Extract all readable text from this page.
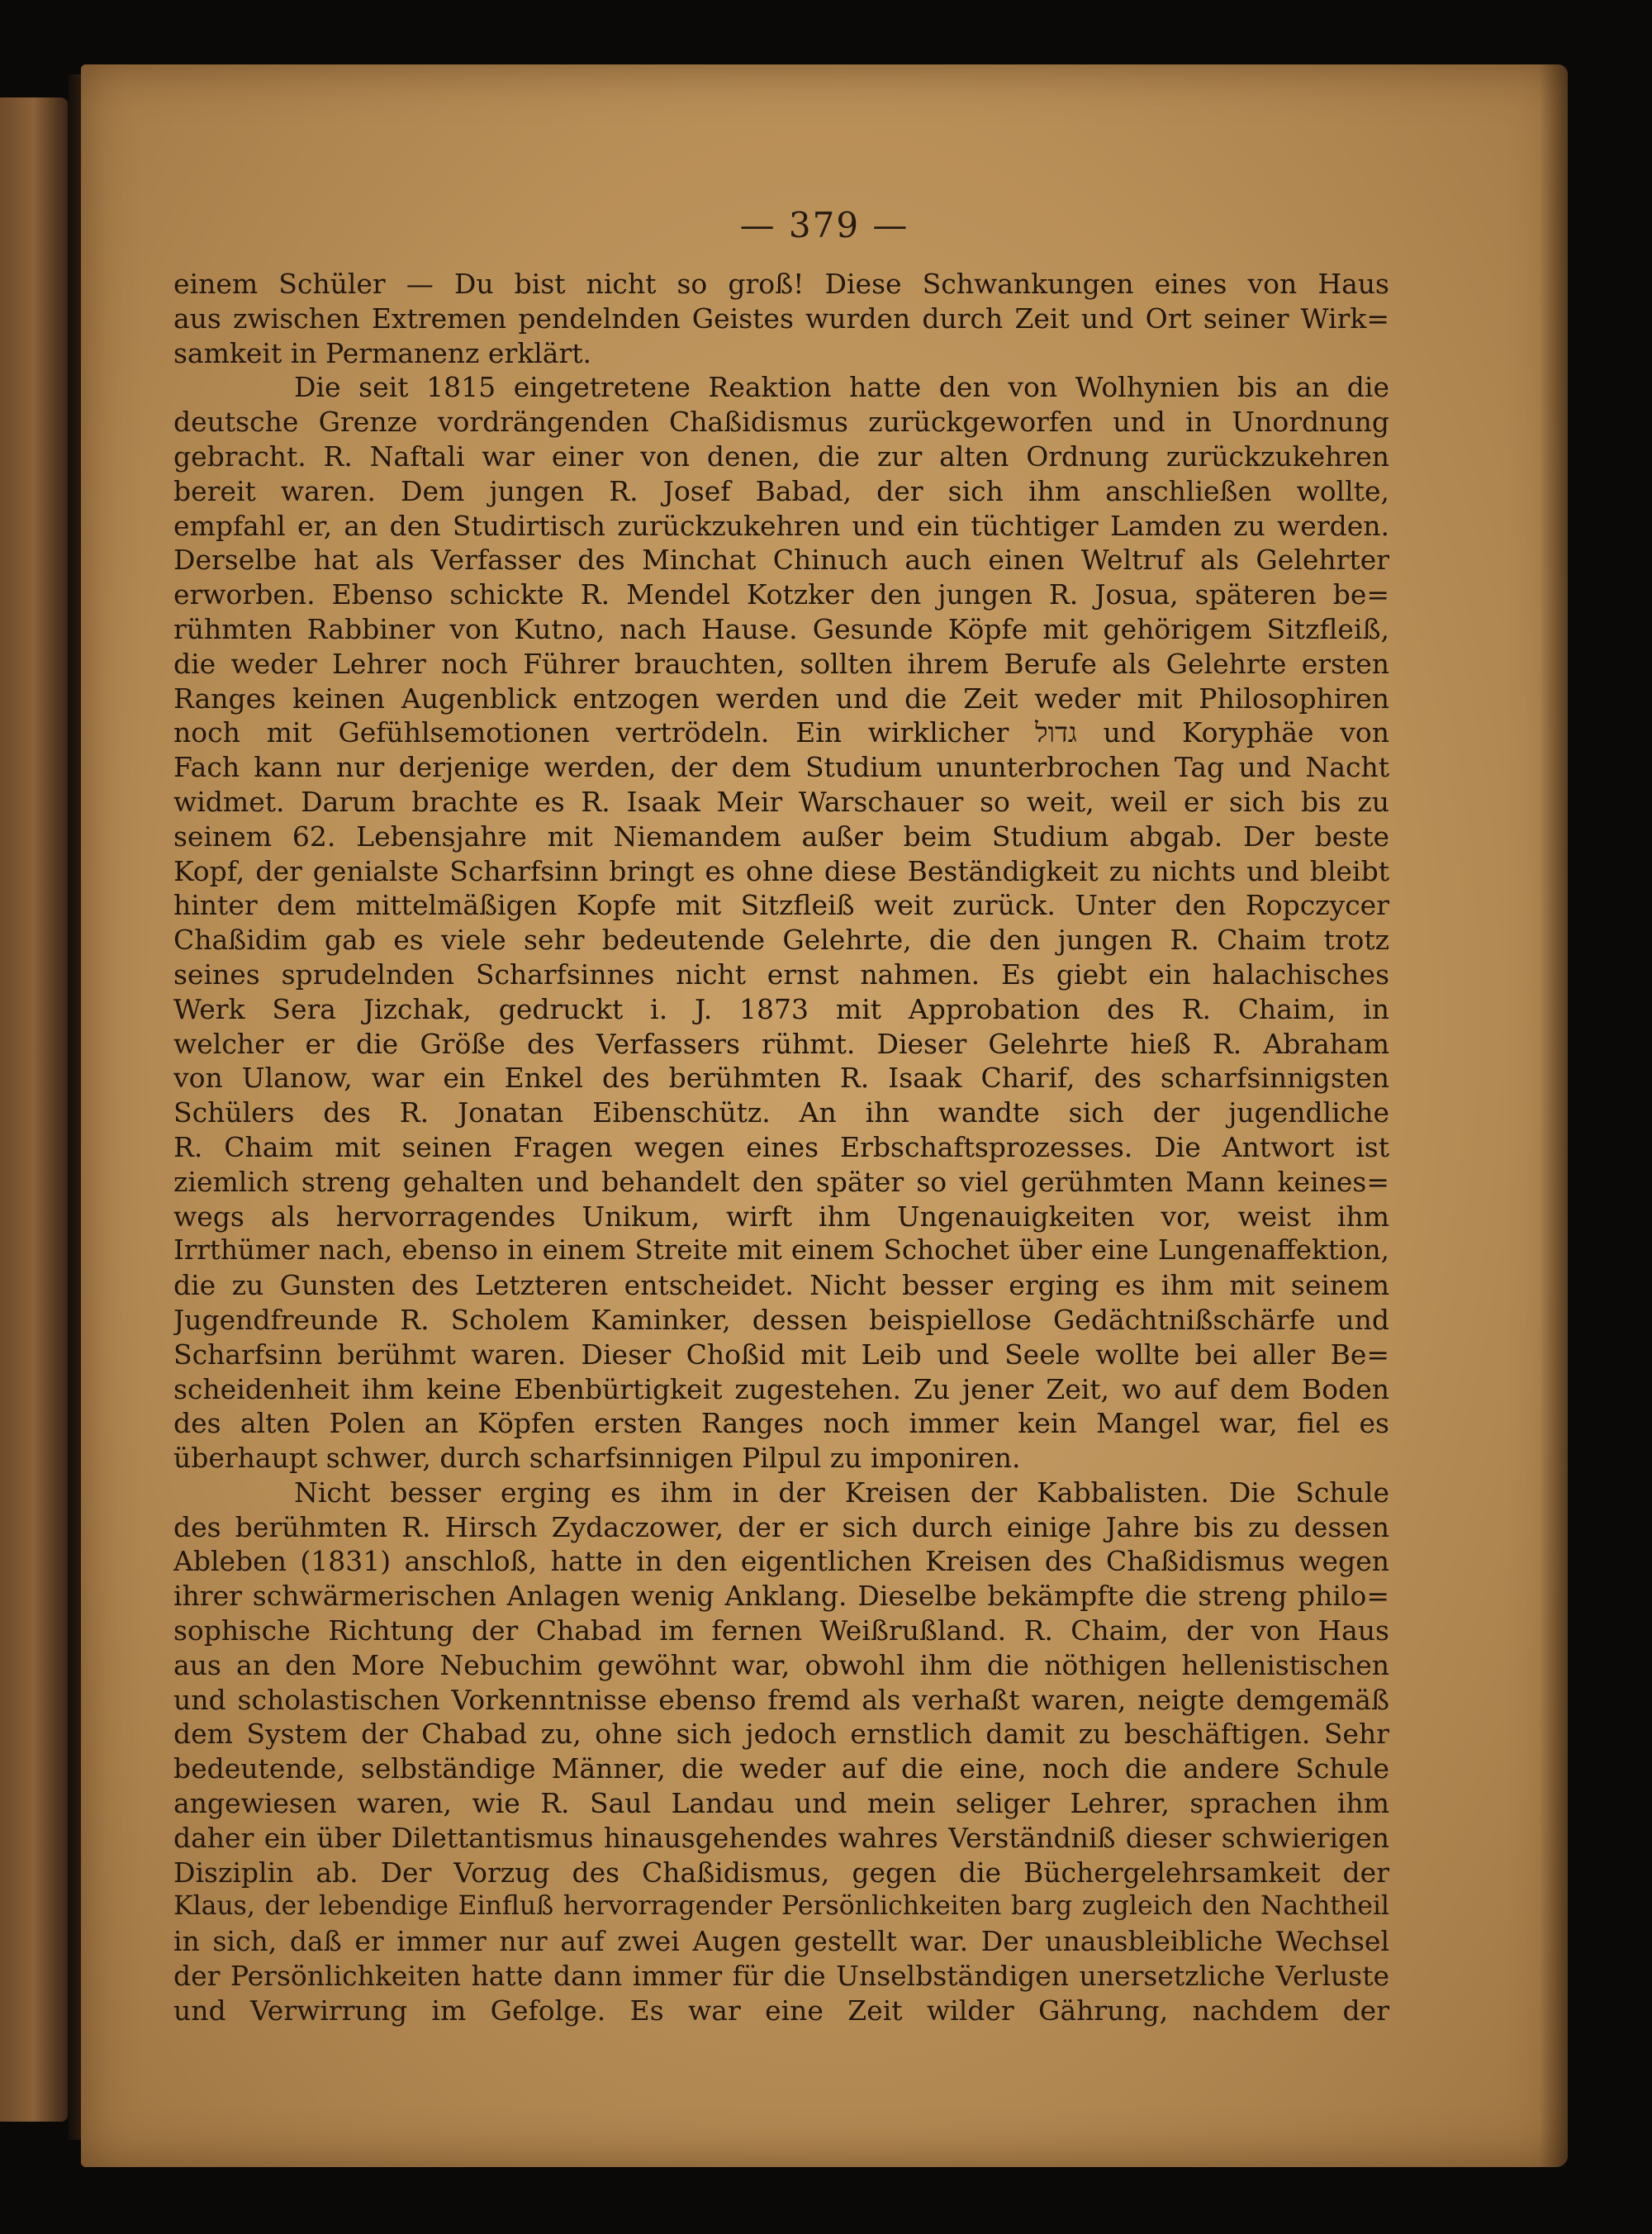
— 379 —
einem Schüler — Du bist nicht so groß! Diese Schwankungen eines von Haus
aus zwischen Extremen pendelnden Geistes wurden durch Zeit und Ort seiner Wirk=
samkeit in Permanenz erklärt.
Die seit 1815 eingetretene Reaktion hatte den von Wolhynien bis an die
deutsche Grenze vordrängenden Chaßidismus zurückgeworfen und in Unordnung
gebracht. R. Naftali war einer von denen, die zur alten Ordnung zurückzukehren
bereit waren. Dem jungen R. Josef Babad, der sich ihm anschließen wollte,
empfahl er, an den Studirtisch zurückzukehren und ein tüchtiger Lamden zu werden.
Derselbe hat als Verfasser des Minchat Chinuch auch einen Weltruf als Gelehrter
erworben. Ebenso schickte R. Mendel Kotzker den jungen R. Josua, späteren be=
rühmten Rabbiner von Kutno, nach Hause. Gesunde Köpfe mit gehörigem Sitzfleiß,
die weder Lehrer noch Führer brauchten, sollten ihrem Berufe als Gelehrte ersten
Ranges keinen Augenblick entzogen werden und die Zeit weder mit Philosophiren
noch mit Gefühlsemotionen vertrödeln. Ein wirklicher גדול und Koryphäe von
Fach kann nur derjenige werden, der dem Studium ununterbrochen Tag und Nacht
widmet. Darum brachte es R. Isaak Meir Warschauer so weit, weil er sich bis zu
seinem 62. Lebensjahre mit Niemandem außer beim Studium abgab. Der beste
Kopf, der genialste Scharfsinn bringt es ohne diese Beständigkeit zu nichts und bleibt
hinter dem mittelmäßigen Kopfe mit Sitzfleiß weit zurück. Unter den Ropczycer
Chaßidim gab es viele sehr bedeutende Gelehrte, die den jungen R. Chaim trotz
seines sprudelnden Scharfsinnes nicht ernst nahmen. Es giebt ein halachisches
Werk Sera Jizchak, gedruckt i. J. 1873 mit Approbation des R. Chaim, in
welcher er die Größe des Verfassers rühmt. Dieser Gelehrte hieß R. Abraham
von Ulanow, war ein Enkel des berühmten R. Isaak Charif, des scharfsinnigsten
Schülers des R. Jonatan Eibenschütz. An ihn wandte sich der jugendliche
R. Chaim mit seinen Fragen wegen eines Erbschaftsprozesses. Die Antwort ist
ziemlich streng gehalten und behandelt den später so viel gerühmten Mann keines=
wegs als hervorragendes Unikum, wirft ihm Ungenauigkeiten vor, weist ihm
Irrthümer nach, ebenso in einem Streite mit einem Schochet über eine Lungenaffektion,
die zu Gunsten des Letzteren entscheidet. Nicht besser erging es ihm mit seinem
Jugendfreunde R. Scholem Kaminker, dessen beispiellose Gedächtnißschärfe und
Scharfsinn berühmt waren. Dieser Choßid mit Leib und Seele wollte bei aller Be=
scheidenheit ihm keine Ebenbürtigkeit zugestehen. Zu jener Zeit, wo auf dem Boden
des alten Polen an Köpfen ersten Ranges noch immer kein Mangel war, fiel es
überhaupt schwer, durch scharfsinnigen Pilpul zu imponiren.
Nicht besser erging es ihm in der Kreisen der Kabbalisten. Die Schule
des berühmten R. Hirsch Zydaczower, der er sich durch einige Jahre bis zu dessen
Ableben (1831) anschloß, hatte in den eigentlichen Kreisen des Chaßidismus wegen
ihrer schwärmerischen Anlagen wenig Anklang. Dieselbe bekämpfte die streng philo=
sophische Richtung der Chabad im fernen Weißrußland. R. Chaim, der von Haus
aus an den More Nebuchim gewöhnt war, obwohl ihm die nöthigen hellenistischen
und scholastischen Vorkenntnisse ebenso fremd als verhaßt waren, neigte demgemäß
dem System der Chabad zu, ohne sich jedoch ernstlich damit zu beschäftigen. Sehr
bedeutende, selbständige Männer, die weder auf die eine, noch die andere Schule
angewiesen waren, wie R. Saul Landau und mein seliger Lehrer, sprachen ihm
daher ein über Dilettantismus hinausgehendes wahres Verständniß dieser schwierigen
Disziplin ab. Der Vorzug des Chaßidismus, gegen die Büchergelehrsamkeit der
Klaus, der lebendige Einfluß hervorragender Persönlichkeiten barg zugleich den Nachtheil
in sich, daß er immer nur auf zwei Augen gestellt war. Der unausbleibliche Wechsel
der Persönlichkeiten hatte dann immer für die Unselbständigen unersetzliche Verluste
und Verwirrung im Gefolge. Es war eine Zeit wilder Gährung, nachdem der
